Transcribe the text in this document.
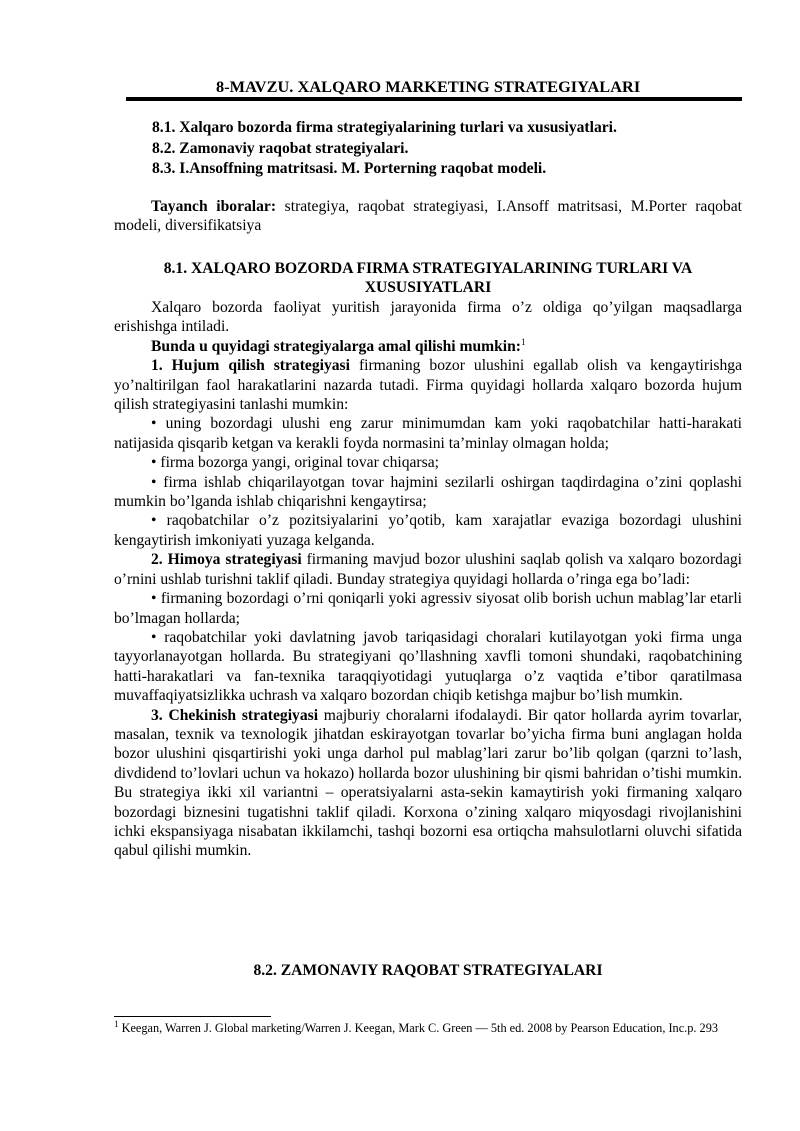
8-MAVZU. XALQARO MARKETING STRATEGIYALARI
8.1. Xalqaro bozorda firma strategiyalarining turlari va xususiyatlari.
8.2. Zamonaviy raqobat strategiyalari.
8.3. I.Ansoffning matritsasi. M. Porterning raqobat modeli.

Tayanch iboralar: strategiya, raqobat strategiyasi, I.Ansoff matritsasi, M.Porter raqobat modeli, diversifikatsiya

8.1. XALQARO BOZORDA FIRMA STRATEGIYALARINING TURLARI VA XUSUSIYATLARI

Xalqaro bozorda faoliyat yuritish jarayonida firma o’z oldiga qo’yilgan maqsadlarga erishishga intiladi.

Bunda u quyidagi strategiyalarga amal qilishi mumkin:$^1$

1. Hujum qilish strategiyasi firmaning bozor ulushini egallab olish va kengaytirishga yo’naltirilgan faol harakatlarini nazarda tutadi. Firma quyidagi hollarda xalqaro bozorda hujum qilish strategiyasini tanlashi mumkin:

• uning bozordagi ulushi eng zarur minimumdan kam yoki raqobatchilar hatti-harakati natijasida qisqarib ketgan va kerakli foyda normasini ta’minlay olmagan holda;

• firma bozorga yangi, original tovar chiqarsa;

• firma ishlab chiqarilayotgan tovar hajmini sezilarli oshirgan taqdirdagina o’zini qoplashi mumkin bo’lganda ishlab chiqarishni kengaytirsa;

• raqobatchilar o’z pozitsiyalarini yo’qotib, kam xarajatlar evaziga bozordagi ulushini kengaytirish imkoniyati yuzaga kelganda.

2. Himoya strategiyasi firmaning mavjud bozor ulushini saqlab qolish va xalqaro bozordagi o’rnini ushlab turishni taklif qiladi. Bunday strategiya quyidagi hollarda o’ringa ega bo’ladi:

• firmaning bozordagi o’rni qoniqarli yoki agressiv siyosat olib borish uchun mablag’lar etarli bo’lmagan hollarda;

• raqobatchilar yoki davlatning javob tariqasidagi choralari kutilayotgan yoki firma unga tayyorlanayotgan hollarda. Bu strategiyani qo’llashning xavfli tomoni shundaki, raqobatchining hatti-harakatlari va fan-texnika taraqqiyotidagi yutuqlarga o’z vaqtida e’tibor qaratilmasa muvaffaqiyatsizlikka uchrash va xalqaro bozordan chiqib ketishga majbur bo’lish mumkin.

3. Chekinish strategiyasi majburiy choralarni ifodalaydi. Bir qator hollarda ayrim tovarlar, masalan, texnik va texnologik jihatdan eskirayotgan tovarlar bo’yicha firma buni anglagan holda bozor ulushini qisqartirishi yoki unga darhol pul mablag’lari zarur bo’lib qolgan (qarzni to’lash, divdidend to’lovlari uchun va hokazo) hollarda bozor ulushining bir qismi bahridan o’tishi mumkin. Bu strategiya ikki xil variantni – operatsiyalarni asta-sekin kamaytirish yoki firmaning xalqaro bozordagi biznesini tugatishni taklif qiladi. Korxona o’zining xalqaro miqyosdagi rivojlanishini ichki ekspansiyaga nisabatan ikkilamchi, tashqi bozorni esa ortiqcha mahsulotlarni oluvchi sifatida qabul qilishi mumkin.

8.2. ZAMONAVIY RAQOBAT STRATEGIYALARI
$^1$ Keegan, Warren J. Global marketing/Warren J. Keegan, Mark C. Green — 5th ed. 2008 by Pearson Education, Inc.p. 293
